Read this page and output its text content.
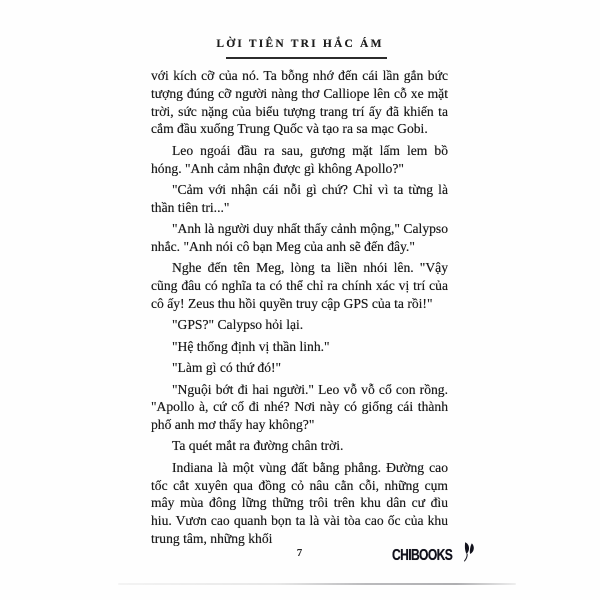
LỜI TIÊN TRI HẮC ÁM

với kích cỡ của nó. Ta bỗng nhớ đến cái lần gắn bức tượng đúng cỡ người nàng thơ Calliope lên cỗ xe mặt trời, sức nặng của biểu tượng trang trí ấy đã khiến ta cắm đầu xuống Trung Quốc và tạo ra sa mạc Gobi.

Leo ngoái đầu ra sau, gương mặt lấm lem bồ hóng. "Anh cảm nhận được gì không Apollo?"

"Cảm với nhận cái nỗi gì chứ? Chỉ vì ta từng là thần tiên tri..."

"Anh là người duy nhất thấy cảnh mộng," Calypso nhắc. "Anh nói cô bạn Meg của anh sẽ đến đây."

Nghe đến tên Meg, lòng ta liền nhói lên. "Vậy cũng đâu có nghĩa ta có thể chỉ ra chính xác vị trí của cô ấy! Zeus thu hồi quyền truy cập GPS của ta rồi!"

"GPS?" Calypso hỏi lại.

"Hệ thống định vị thần linh."

"Làm gì có thứ đó!"

"Nguội bớt đi hai người." Leo vỗ vỗ cổ con rồng. "Apollo à, cứ cố đi nhé? Nơi này có giống cái thành phố anh mơ thấy hay không?"

Ta quét mắt ra đường chân trời.

Indiana là một vùng đất bằng phẳng. Đường cao tốc cắt xuyên qua đồng cỏ nâu cằn cỗi, những cụm mây mùa đông lững thững trôi trên khu dân cư đìu hiu. Vươn cao quanh bọn ta là vài tòa cao ốc của khu trung tâm, những khối

7	CHIBOOKS
